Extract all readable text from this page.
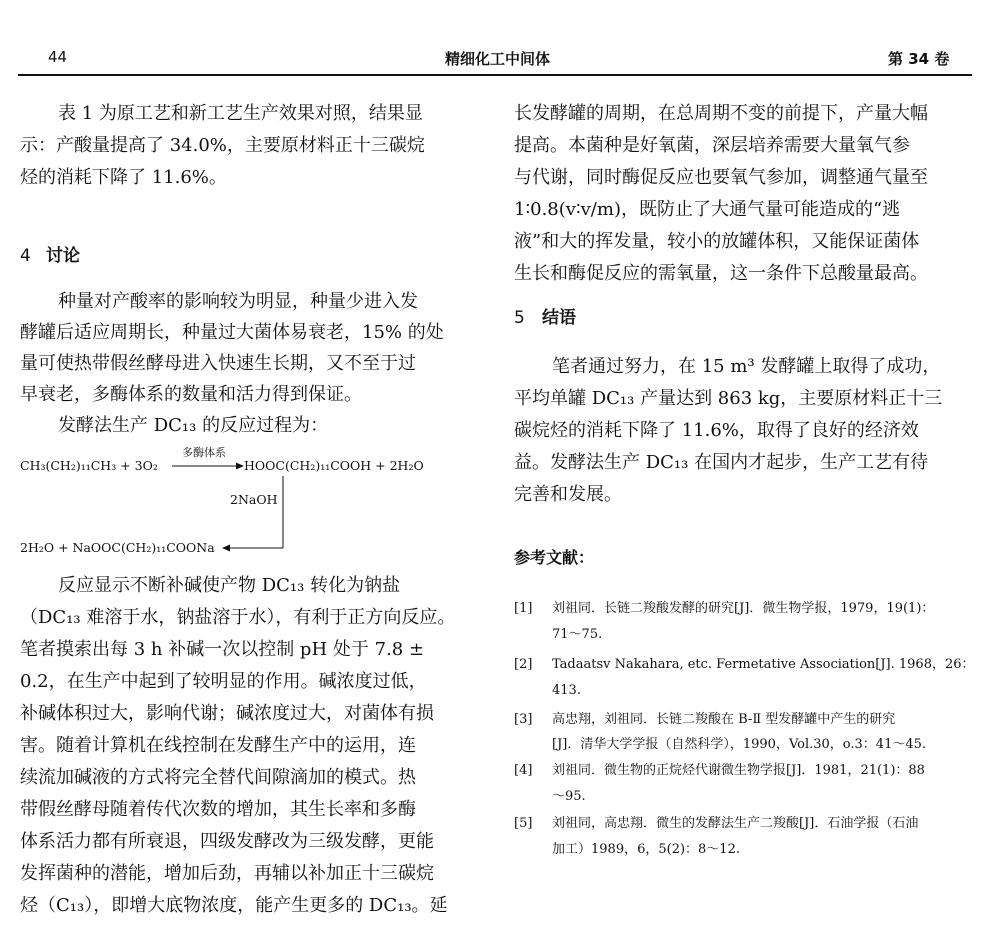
44	精细化工中间体	第 34 卷
表 1 为原工艺和新工艺生产效果对照，结果显
示：产酸量提高了 34.0%，主要原材料正十三碳烷
烃的消耗下降了 11.6%。
4 讨论
种量对产酸率的影响较为明显，种量少进入发
酵罐后适应周期长，种量过大菌体易衰老，15% 的处
量可使热带假丝酵母进入快速生长期，又不至于过
早衰老，多酶体系的数量和活力得到保证。
发酵法生产 DC₁₃ 的反应过程为：
CH₃(CH₂)₁₁CH₃ + 3O₂
多酶体系
HOOC(CH₂)₁₁COOH + 2H₂O
2NaOH
2H₂O + NaOOC(CH₂)₁₁COONa
反应显示不断补碱使产物 DC₁₃ 转化为钠盐
（DC₁₃ 难溶于水，钠盐溶于水），有利于正方向反应。
笔者摸索出每 3 h 补碱一次以控制 pH 处于 7.8 ±
0.2，在生产中起到了较明显的作用。碱浓度过低，
补碱体积过大，影响代谢；碱浓度过大，对菌体有损
害。随着计算机在线控制在发酵生产中的运用，连
续流加碱液的方式将完全替代间隙滴加的模式。热
带假丝酵母随着传代次数的增加，其生长率和多酶
体系活力都有所衰退，四级发酵改为三级发酵，更能
发挥菌种的潜能，增加后劲，再辅以补加正十三碳烷
烃（C₁₃），即增大底物浓度，能产生更多的 DC₁₃。延
长发酵罐的周期，在总周期不变的前提下，产量大幅
提高。本菌种是好氧菌，深层培养需要大量氧气参
与代谢，同时酶促反应也要氧气参加，调整通气量至
1∶0.8(v∶v/m)，既防止了大通气量可能造成的“逃
液”和大的挥发量，较小的放罐体积，又能保证菌体
生长和酶促反应的需氧量，这一条件下总酸量最高。
5 结语
笔者通过努力，在 15 m³ 发酵罐上取得了成功，
平均单罐 DC₁₃ 产量达到 863 kg，主要原材料正十三
碳烷烃的消耗下降了 11.6%，取得了良好的经济效
益。发酵法生产 DC₁₃ 在国内才起步，生产工艺有待
完善和发展。
参考文献：
[1] 刘祖同．长链二羧酸发酵的研究[J]．微生物学报，1979，19(1)：
71～75.
[2] Tadaatsv Nakahara, etc. Fermetative Association[J]. 1968，26：
413.
[3] 高忠翔，刘祖同．长链二羧酸在 B-Ⅱ 型发酵罐中产生的研究
[J]．清华大学学报（自然科学），1990，Vol.30，o.3：41～45.
[4] 刘祖同．微生物的正烷烃代谢微生物学报[J]．1981，21(1)：88
～95.
[5] 刘祖同，高忠翔．微生的发酵法生产二羧酸[J]．石油学报（石油
加工）1989，6，5(2)：8～12.
